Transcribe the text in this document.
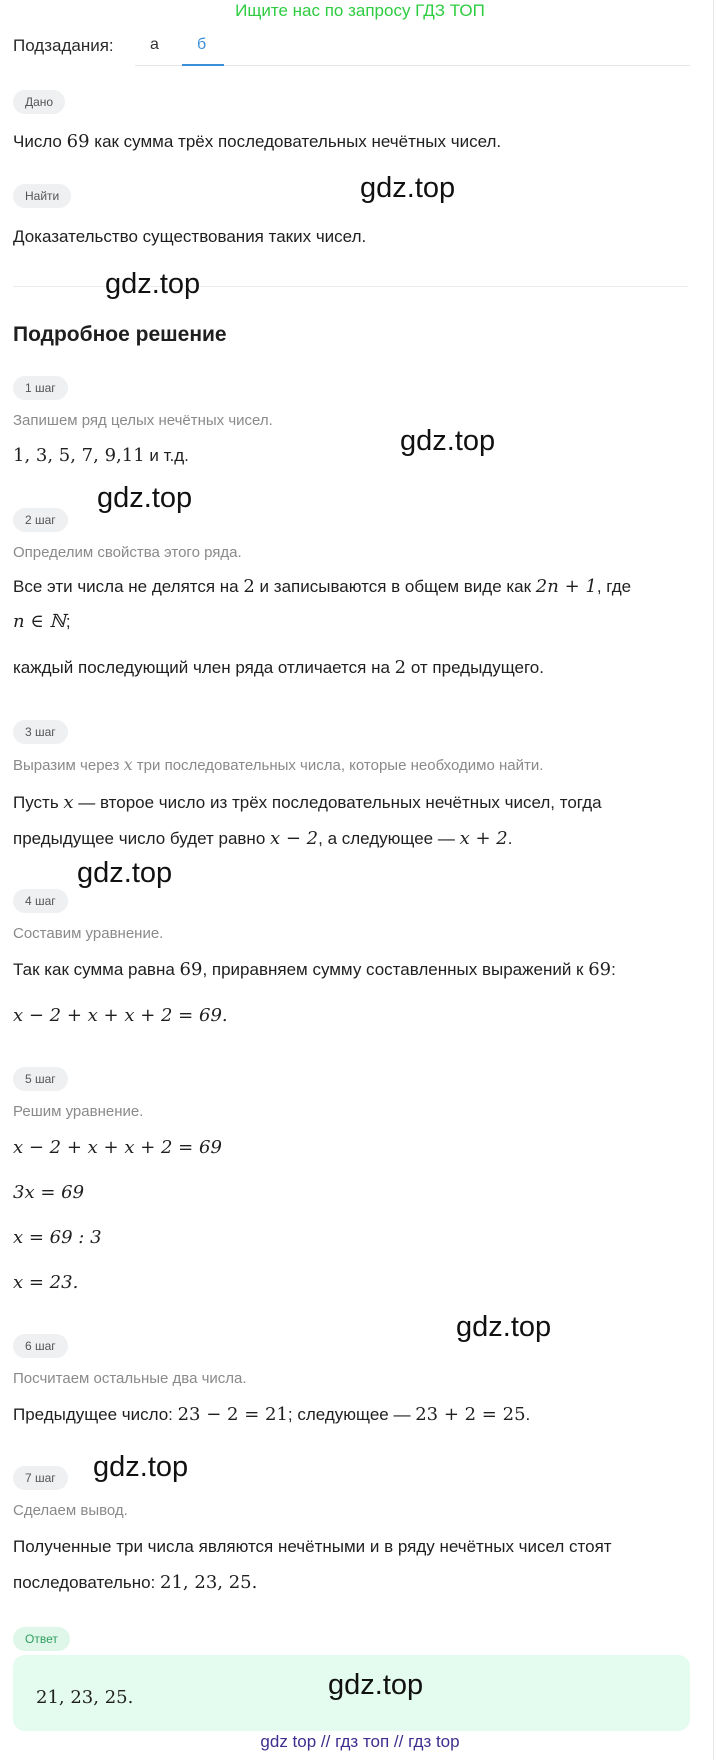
Ищите нас по запросу ГДЗ ТОП
Подзадания: а б
Дано
Число 69 как сумма трёх последовательных нечётных чисел.
Найти
Доказательство существования таких чисел.
Подробное решение
1 шаг
Запишем ряд целых нечётных чисел.
1, 3, 5, 7, 9,11 и т.д.
2 шаг
Определим свойства этого ряда.
Все эти числа не делятся на 2 и записываются в общем виде как 2n + 1, где
n ∈ ℕ;
каждый последующий член ряда отличается на 2 от предыдущего.
3 шаг
Выразим через x три последовательных числа, которые необходимо найти.
Пусть x — второе число из трёх последовательных нечётных чисел, тогда
предыдущее число будет равно x − 2, а следующее — x + 2.
4 шаг
Составим уравнение.
Так как сумма равна 69, приравняем сумму составленных выражений к 69:
x − 2 + x + x + 2 = 69.
5 шаг
Решим уравнение.
x − 2 + x + x + 2 = 69
3x = 69
x = 69 : 3
x = 23.
6 шаг
Посчитаем остальные два числа.
Предыдущее число: 23 − 2 = 21; следующее — 23 + 2 = 25.
7 шаг
Сделаем вывод.
Полученные три числа являются нечётными и в ряду нечётных чисел стоят
последовательно: 21, 23, 25.
Ответ
21, 23, 25.
gdz.top
gdz.top
gdz.top
gdz.top
gdz.top
gdz.top
gdz.top
gdz.top
gdz top // гдз топ // гдз top
